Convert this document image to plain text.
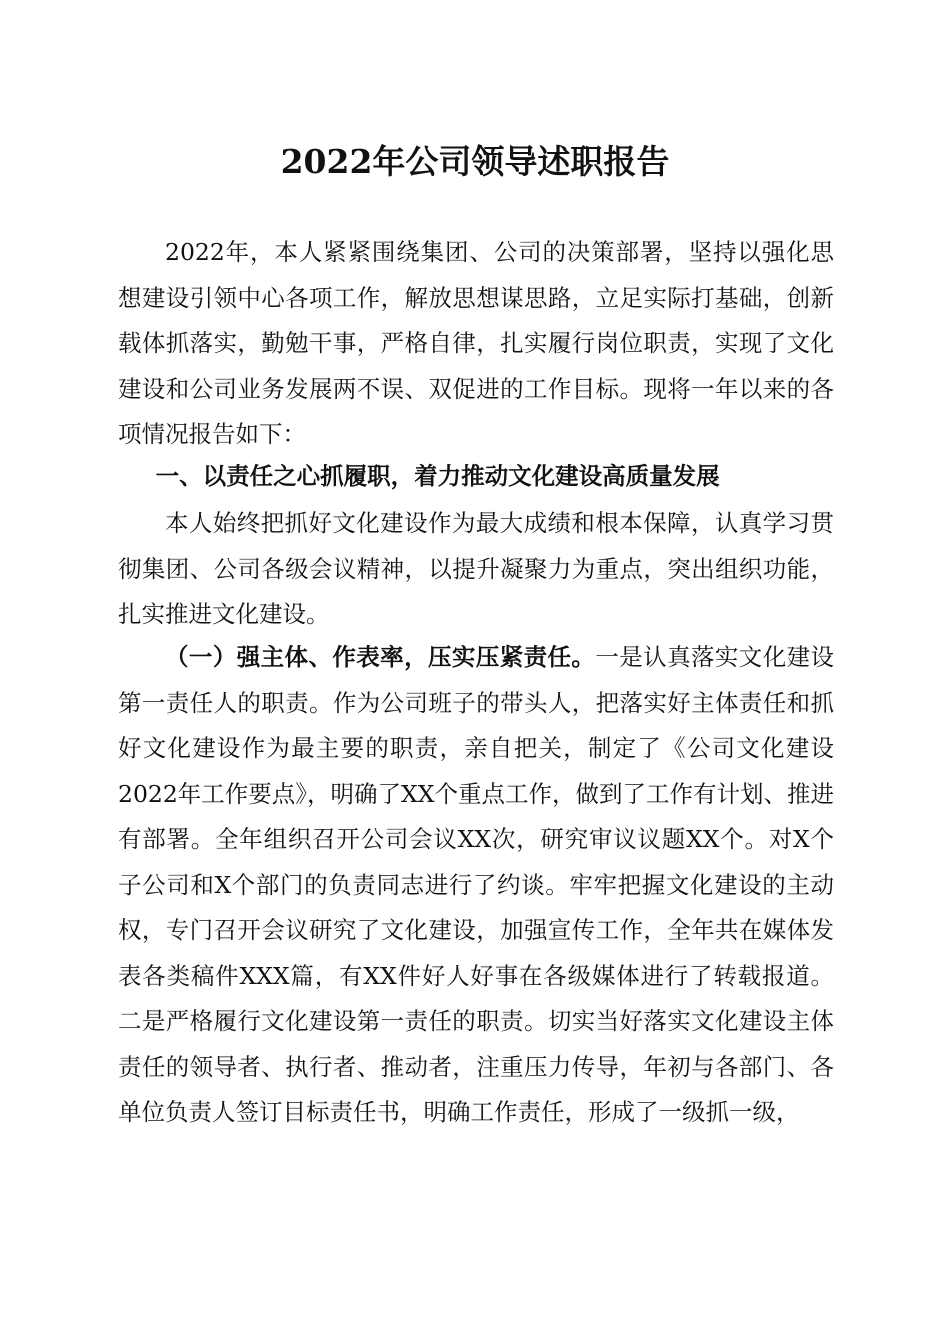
2022年公司领导述职报告

2022年，本人紧紧围绕集团、公司的决策部署，坚持以强化思想建设引领中心各项工作，解放思想谋思路，立足实际打基础，创新载体抓落实，勤勉干事，严格自律，扎实履行岗位职责，实现了文化建设和公司业务发展两不误、双促进的工作目标。现将一年以来的各项情况报告如下：

一、以责任之心抓履职，着力推动文化建设高质量发展

本人始终把抓好文化建设作为最大成绩和根本保障，认真学习贯彻集团、公司各级会议精神，以提升凝聚力为重点，突出组织功能，扎实推进文化建设。

（一）强主体、作表率，压实压紧责任。一是认真落实文化建设第一责任人的职责。作为公司班子的带头人，把落实好主体责任和抓好文化建设作为最主要的职责，亲自把关，制定了《公司文化建设2022年工作要点》，明确了XX个重点工作，做到了工作有计划、推进有部署。全年组织召开公司会议XX次，研究审议议题XX个。对X个子公司和X个部门的负责同志进行了约谈。牢牢把握文化建设的主动权，专门召开会议研究了文化建设，加强宣传工作，全年共在媒体发表各类稿件XXX篇，有XX件好人好事在各级媒体进行了转载报道。二是严格履行文化建设第一责任的职责。切实当好落实文化建设主体责任的领导者、执行者、推动者，注重压力传导，年初与各部门、各单位负责人签订目标责任书，明确工作责任，形成了一级抓一级，
